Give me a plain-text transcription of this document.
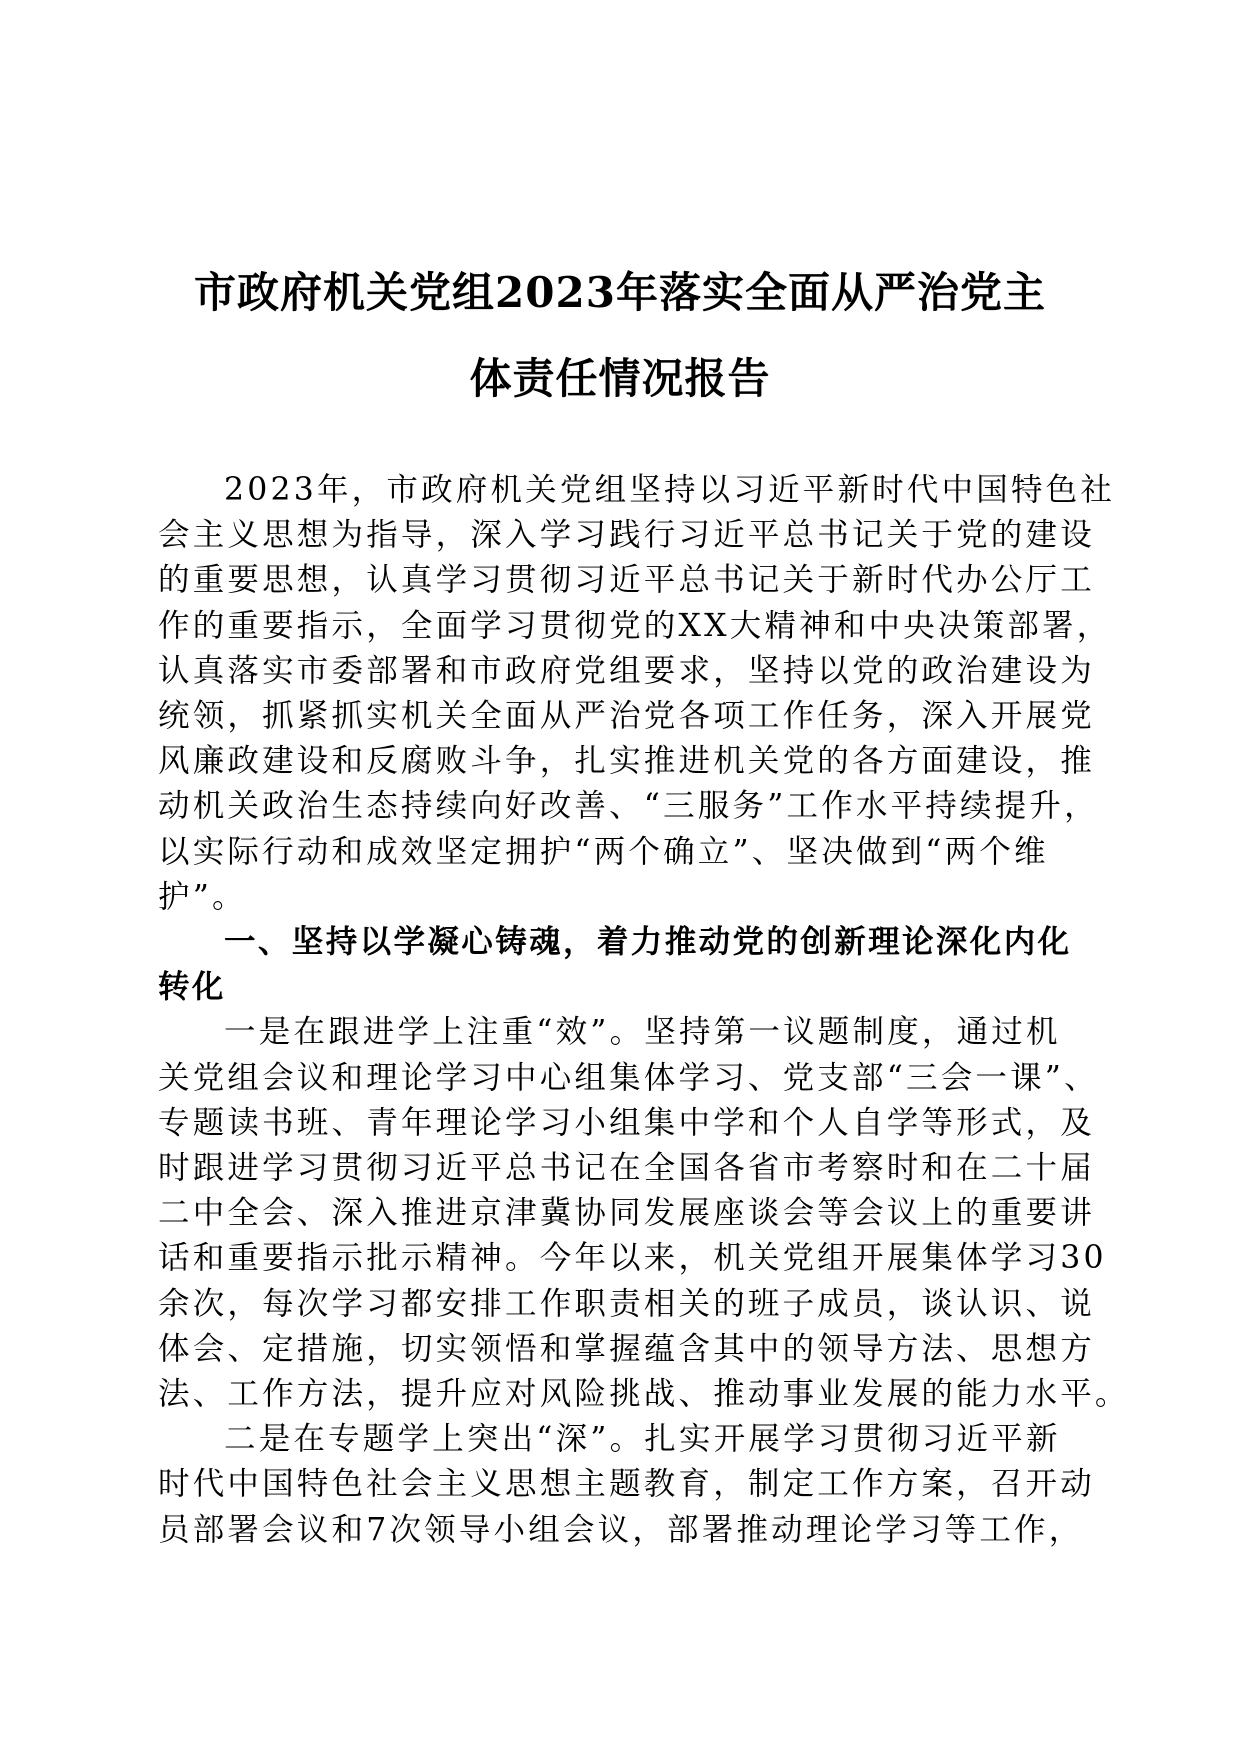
市政府机关党组2023年落实全面从严治党主
体责任情况报告

2023年，市政府机关党组坚持以习近平新时代中国特色社
会主义思想为指导，深入学习践行习近平总书记关于党的建设
的重要思想，认真学习贯彻习近平总书记关于新时代办公厅工
作的重要指示，全面学习贯彻党的XX大精神和中央决策部署，
认真落实市委部署和市政府党组要求，坚持以党的政治建设为
统领，抓紧抓实机关全面从严治党各项工作任务，深入开展党
风廉政建设和反腐败斗争，扎实推进机关党的各方面建设，推
动机关政治生态持续向好改善、“三服务”工作水平持续提升，
以实际行动和成效坚定拥护“两个确立”、坚决做到“两个维
护”。

一、坚持以学凝心铸魂，着力推动党的创新理论深化内化
转化

一是在跟进学上注重“效”。坚持第一议题制度，通过机
关党组会议和理论学习中心组集体学习、党支部“三会一课”、
专题读书班、青年理论学习小组集中学和个人自学等形式，及
时跟进学习贯彻习近平总书记在全国各省市考察时和在二十届
二中全会、深入推进京津冀协同发展座谈会等会议上的重要讲
话和重要指示批示精神。今年以来，机关党组开展集体学习30
余次，每次学习都安排工作职责相关的班子成员，谈认识、说
体会、定措施，切实领悟和掌握蕴含其中的领导方法、思想方
法、工作方法，提升应对风险挑战、推动事业发展的能力水平。

二是在专题学上突出“深”。扎实开展学习贯彻习近平新
时代中国特色社会主义思想主题教育，制定工作方案，召开动
员部署会议和7次领导小组会议，部署推动理论学习等工作，
